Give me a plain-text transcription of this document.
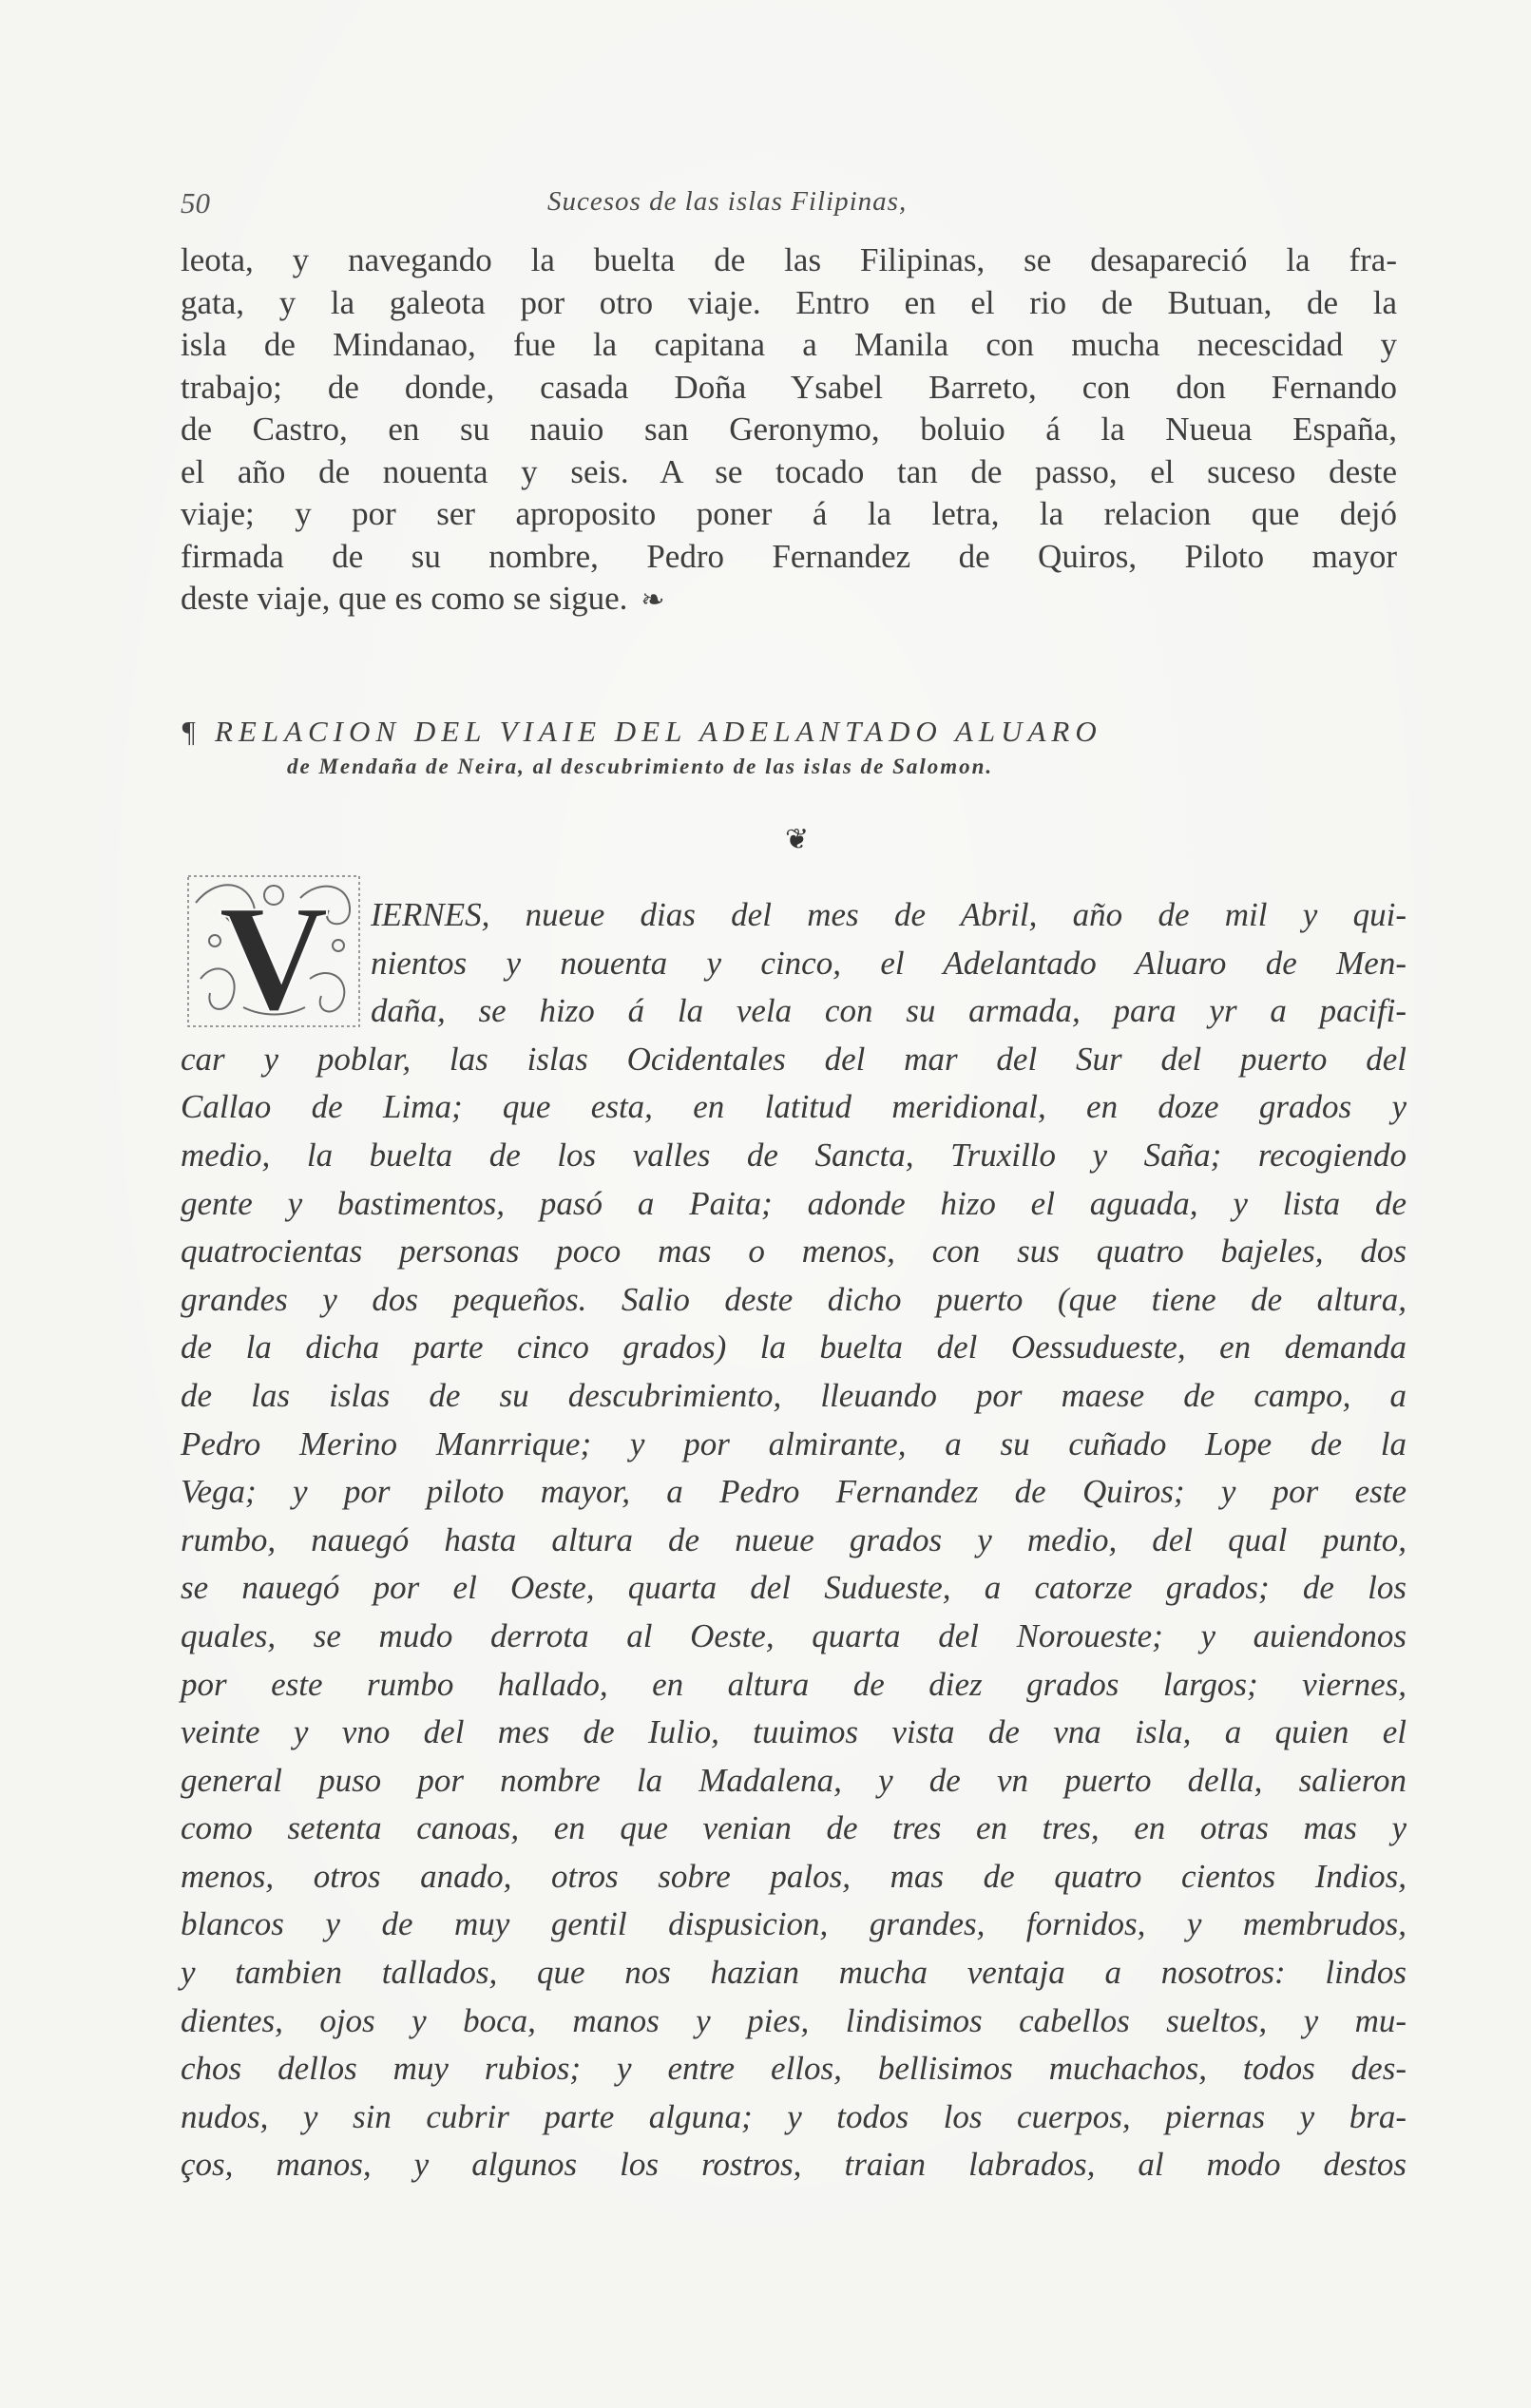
50	Sucesos de las islas Filipinas,
leota, y navegando la buelta de las Filipinas, se desapareció la fra-
gata, y la galeota por otro viaje. Entro en el rio de Butuan, de la
isla de Mindanao, fue la capitana a Manila con mucha necescidad y
trabajo; de donde, casada Doña Ysabel Barreto, con don Fernando
de Castro, en su nauio san Geronymo, boluio á la Nueua España,
el año de nouenta y seis. A se tocado tan de passo, el suceso deste
viaje; y por ser aproposito poner á la letra, la relacion que dejó
firmada de su nombre, Pedro Fernandez de Quiros, Piloto mayor
deste viaje, que es como se sigue. ❧
¶ RELACION DEL VIAIE DEL ADELANTADO ALUARO
de Mendaña de Neira, al descubrimiento de las islas de Salomon.
❦
V	IERNES, nueue dias del mes de Abril, año de mil y qui-
nientos y nouenta y cinco, el Adelantado Aluaro de Men-
daña, se hizo á la vela con su armada, para yr a pacifi-
car y poblar, las islas Ocidentales del mar del Sur del puerto del
Callao de Lima; que esta, en latitud meridional, en doze grados y
medio, la buelta de los valles de Sancta, Truxillo y Saña; recogiendo
gente y bastimentos, pasó a Paita; adonde hizo el aguada, y lista de
quatrocientas personas poco mas o menos, con sus quatro bajeles, dos
grandes y dos pequeños. Salio deste dicho puerto (que tiene de altura,
de la dicha parte cinco grados) la buelta del Oessudueste, en demanda
de las islas de su descubrimiento, lleuando por maese de campo, a
Pedro Merino Manrrique; y por almirante, a su cuñado Lope de la
Vega; y por piloto mayor, a Pedro Fernandez de Quiros; y por este
rumbo, nauegó hasta altura de nueue grados y medio, del qual punto,
se nauegó por el Oeste, quarta del Sudueste, a catorze grados; de los
quales, se mudo derrota al Oeste, quarta del Noroueste; y auiendonos
por este rumbo hallado, en altura de diez grados largos; viernes,
veinte y vno del mes de Iulio, tuuimos vista de vna isla, a quien el
general puso por nombre la Madalena, y de vn puerto della, salieron
como setenta canoas, en que venian de tres en tres, en otras mas y
menos, otros anado, otros sobre palos, mas de quatro cientos Indios,
blancos y de muy gentil dispusicion, grandes, fornidos, y membrudos,
y tambien tallados, que nos hazian mucha ventaja a nosotros: lindos
dientes, ojos y boca, manos y pies, lindisimos cabellos sueltos, y mu-
chos dellos muy rubios; y entre ellos, bellisimos muchachos, todos des-
nudos, y sin cubrir parte alguna; y todos los cuerpos, piernas y bra-
ços, manos, y algunos los rostros, traian labrados, al modo destos
